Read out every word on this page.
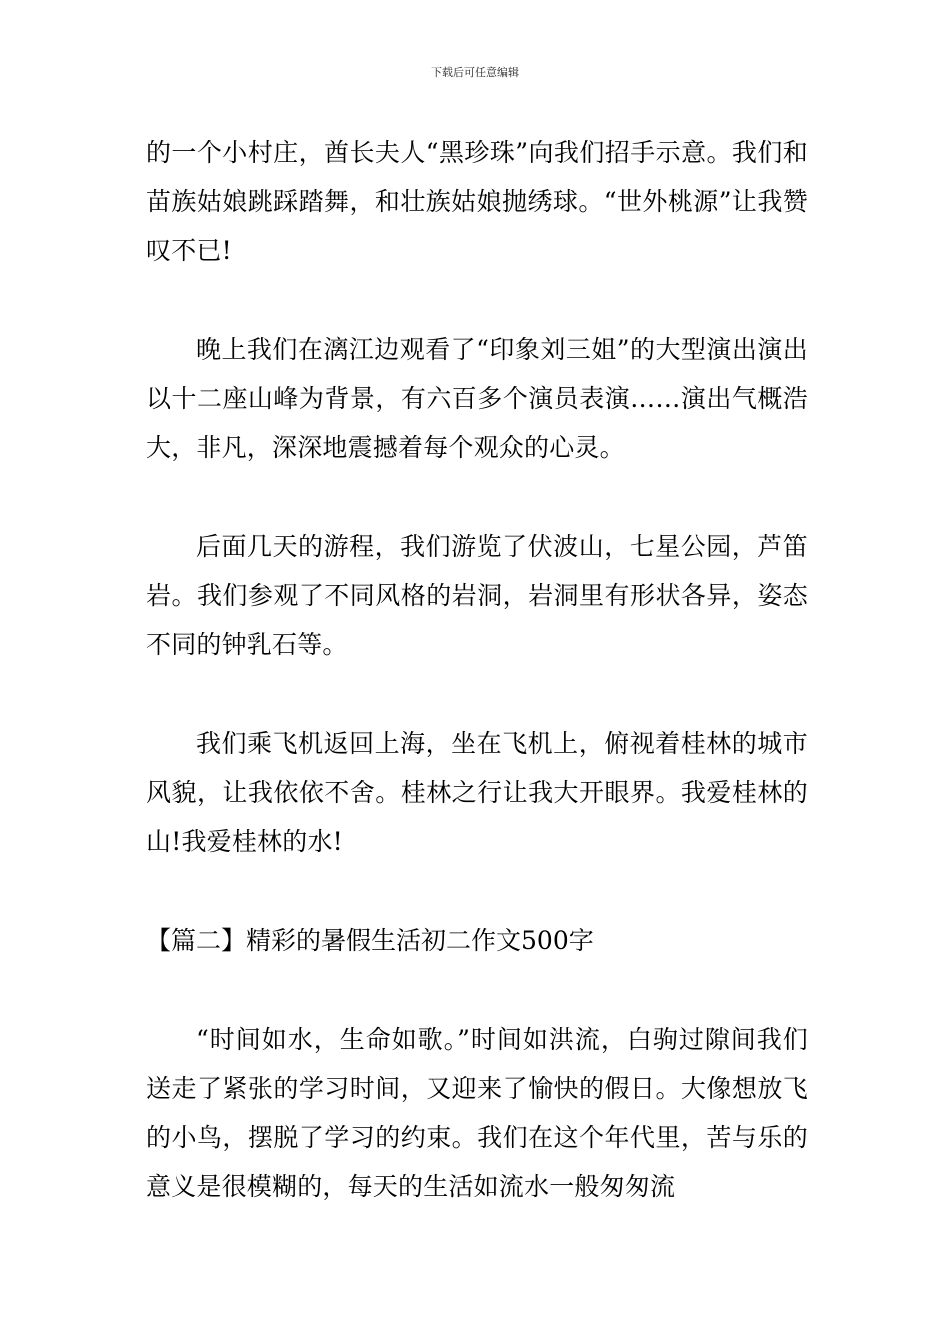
下载后可任意编辑

的一个小村庄，酋长夫人“黑珍珠”向我们招手示意。我们和苗族姑娘跳踩踏舞，和壮族姑娘抛绣球。“世外桃源”让我赞叹不已!

晚上我们在漓江边观看了“印象刘三姐”的大型演出演出以十二座山峰为背景，有六百多个演员表演……演出气概浩大，非凡，深深地震撼着每个观众的心灵。

后面几天的游程，我们游览了伏波山，七星公园，芦笛岩。我们参观了不同风格的岩洞，岩洞里有形状各异，姿态不同的钟乳石等。

我们乘飞机返回上海，坐在飞机上，俯视着桂林的城市风貌，让我依依不舍。桂林之行让我大开眼界。我爱桂林的山!我爱桂林的水!

【篇二】精彩的暑假生活初二作文500字

“时间如水，生命如歌。”时间如洪流，白驹过隙间我们送走了紧张的学习时间，又迎来了愉快的假日。大像想放飞的小鸟，摆脱了学习的约束。我们在这个年代里，苦与乐的意义是很模糊的，每天的生活如流水一般匆匆流
